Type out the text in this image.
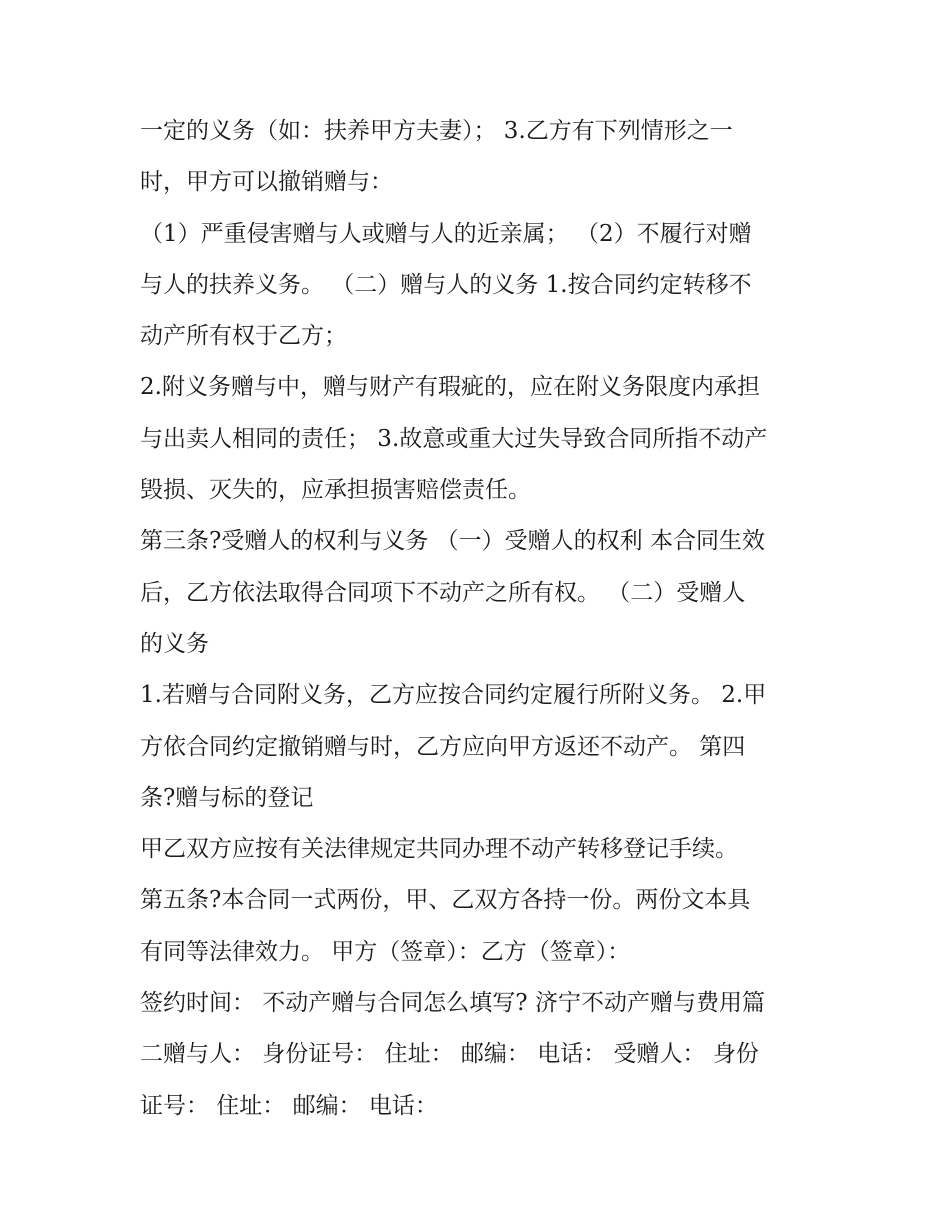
一定的义务（如：扶养甲方夫妻）； 3.乙方有下列情形之一
时，甲方可以撤销赠与：
（1）严重侵害赠与人或赠与人的近亲属； （2）不履行对赠
与人的扶养义务。 （二）赠与人的义务 1.按合同约定转移不
动产所有权于乙方；
2.附义务赠与中，赠与财产有瑕疵的，应在附义务限度内承担
与出卖人相同的责任； 3.故意或重大过失导致合同所指不动产
毁损、灭失的，应承担损害赔偿责任。
第三条?受赠人的权利与义务 （一）受赠人的权利 本合同生效
后，乙方依法取得合同项下不动产之所有权。 （二）受赠人
的义务
1.若赠与合同附义务，乙方应按合同约定履行所附义务。 2.甲
方依合同约定撤销赠与时，乙方应向甲方返还不动产。 第四
条?赠与标的登记
甲乙双方应按有关法律规定共同办理不动产转移登记手续。
第五条?本合同一式两份，甲、乙双方各持一份。两份文本具
有同等法律效力。 甲方（签章）：乙方（签章）：
签约时间： 不动产赠与合同怎么填写? 济宁不动产赠与费用篇
二赠与人： 身份证号： 住址： 邮编： 电话： 受赠人： 身份
证号： 住址： 邮编： 电话：
